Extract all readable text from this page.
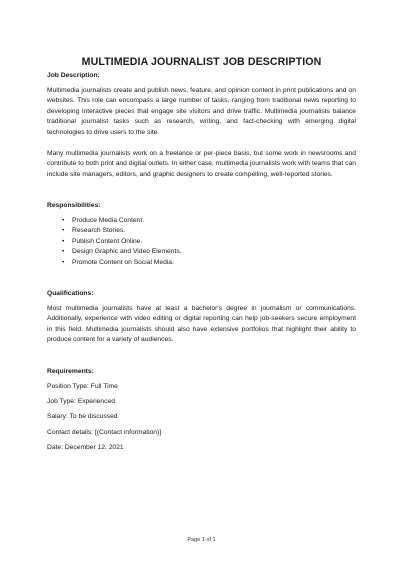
MULTIMEDIA JOURNALIST JOB DESCRIPTION

Job Description:

Multimedia journalists create and publish news, feature, and opinion content in print publications and on websites. This role can encompass a large number of tasks, ranging from traditional news reporting to developing interactive pieces that engage site visitors and drive traffic. Multimedia journalists balance traditional journalist tasks such as research, writing, and fact-checking with emerging digital technologies to drive users to the site.

Many multimedia journalists work on a freelance or per-piece basis, but some work in newsrooms and contribute to both print and digital outlets. In either case, multimedia journalists work with teams that can include site managers, editors, and graphic designers to create compelling, well-reported stories.

Responsibilities:

• Produce Media Content.
• Research Stories.
• Publish Content Online.
• Design Graphic and Video Elements.
• Promote Content on Social Media.

Qualifications:

Most multimedia journalists have at least a bachelor's degree in journalism or communications. Additionally, experience with video editing or digital reporting can help job-seekers secure employment in this field. Multimedia journalists should also have extensive portfolios that highlight their ability to produce content for a variety of audiences.

Requirements:

Position Type: Full Time

Job Type: Experienced

Salary: To be discussed

Contact details: [(Contact information)]

Date: December 12, 2021

Page 1 of 1
